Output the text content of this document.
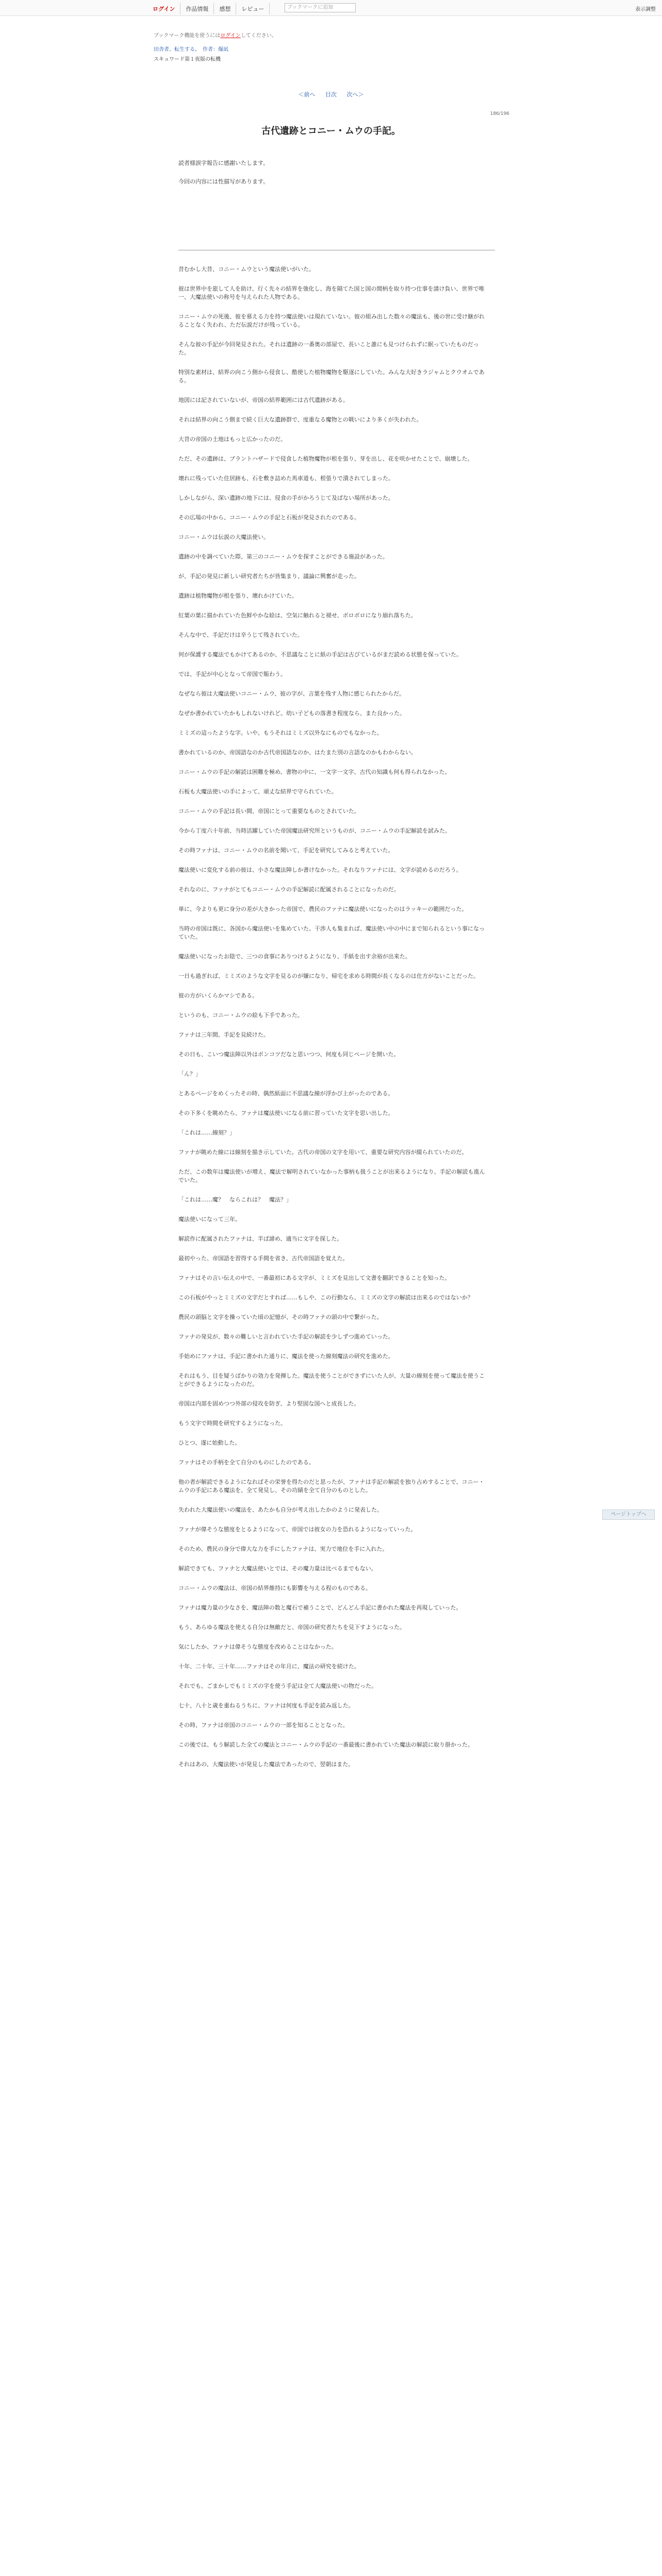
ログイン	作品情報	感想	レビュー	ブックマークに追加	表示調整
ブックマーク機能を使うにはログインしてください。
田舎者、転生する。　作者：爆凪
スキュワード第１夜版の転機
＜前へ 目次 次へ＞
186/196
古代遺跡とコニー・ムウの手記。

読者様誤字報告に感謝いたします。

今回の内容には性描写があります。

昔むかし大昔、コニー・ムウという魔法使いがいた。

彼は世界中を旅して人を助け、行く先々の結界を強化し、海を隔てた国と国の間柄を取り持つ仕事を請け負い、世界で唯一、大魔法使いの称号を与えられた人物である。

コニー・ムウの死後、彼を慕える力を持つ魔法使いは現れていない。彼の組み出した数々の魔法も、後の世に受け継がれることなく失われ、ただ伝説だけが残っている。

そんな彼の手記が今回発見された。それは遺跡の一番奥の部屋で、長いこと誰にも見つけられずに眠っていたものだった。

特別な素材は、結界の向こう側から侵食し、酷使した植物魔物を駆逐にしていた。みんな大好きラジャムとクウオムである。

地図には記されていないが、帝国の結界範囲には古代遺跡がある。

それは結界の向こう側まで続く巨大な遺跡群で、度重なる魔物との戦いにより多くが失われた。

大昔の帝国の土地はもっと広かったのだ。

ただ、その遺跡は、ブラントハザードで侵食した植物魔物が根を張り、芽を出し、花を咲かせたことで、崩壊した。

壊れに残っていた住居跡も、石を敷き詰めた馬車道も、根張りで潰されてしまった。

しかしながら、深い遺跡の地下には、侵食の手がかろうじて及ばない場所があった。

その広場の中から、コニー・ムウの手記と石板が発見されたのである。

コニー・ムウは伝説の大魔法使い。

遺跡の中を調べていた際、第三のコニー・ムウを探すことができる施設があった。

が、手記の発見に新しい研究者たちが皆集まり、議論に興奮が走った。

遺跡は植物魔物が根を張り、壊れかけていた。

紅葉の葉に描かれていた色鮮やかな絵は、空気に触れると褪せ、ボロボロになり崩れ落ちた。

そんな中で、手記だけは辛うじて残されていた。

何が保護する魔法でもかけてあるのか、不思議なことに紙の手記は古びているがまだ読める状態を保っていた。

では、手記が中心となって帝国で賑わう。

なぜなら彼は大魔法使いコニー・ムウ、彼の字が、言葉を残す人物に感じられたからだ。

なぜか書かれていたかもしれないけれど。幼い子どもの落書き程度なら、また良かった。

ミミズの這ったような字。いや、もうそれはミミズ以外なにものでもなかった。

書かれているのか、帝国語なのか古代帝国語なのか、はたまた別の言語なのかもわからない。

コニー・ムウの手記の解読は困難を極め、書物の中に、一文字一文字、古代の知識も何も得られなかった。

石板も大魔法使いの手によって、頑丈な結界で守られていた。

コニー・ムウの手記は長い間、帝国にとって重要なものとされていた。

今から丁度六十年前、当時活躍していた帝国魔法研究所というものが、コニー・ムウの手記解読を試みた。

その時ファナは、コニー・ムウの名前を聞いて、手記を研究してみると考えていた。

魔法使いに変化する前の彼は、小さな魔法陣しか書けなかった。それなりファナには、文字が読めるのだろう。

それなのに、ファナがとてもコニー・ムウの手記解読に配属されることになったのだ。

単に、今よりも更に身分の差が大きかった帝国で、農民のファナに魔法使いになったのはラッキーの範囲だった。

当時の帝国は既に、各国から魔法使いを集めていた。干渉人も集まれば、魔法使い中の中にまで知られるという事になっていた。

魔法使いになったお陰で、三つの食事にありつけるようになり、手紙を出す余裕が出来た。

一日も過ぎれば、ミミズのような文字を見るのが嫌になり、帰宅を求める時間が長くなるのは仕方がないことだった。

彼の方がいくらかマシである。

というのも、コニー・ムウの絵も下手であった。

ファナは三年間、手記を見続けた。

その日も、こいつ魔法陣以外はポンコツだなと思いつつ、何度も同じページを開いた。

「ん？」

とあるページをめくったその時、偶然紙面に不思議な線が浮かび上がったのである。

その下多くを眺めたら、ファナは魔法使いになる前に習っていた文字を思い出した。

「これは……線刻？」

ファナが眺めた線には線刻を描き示していた。古代の帝国の文字を用いて、重要な研究内容が綴られていたのだ。

ただ、この数年は魔法使いが増え、魔法で解明されていなかった事柄も扱うことが出来るようになり、手記の解読も進んでいた。

「これは……魔？　ならこれは？　魔法？」

魔法使いになって三年。

解読作に配属されたファナは、半ば諦め、適当に文字を探した。

最初やった、帝国語を習得する手間を省き、古代帝国語を覚えた。

ファナはその言い伝えの中で、一番最初にある文字が、ミミズを見出して文書を翻訳できることを知った。

この石板がやっとミミズの文字だとすれば……もしや、この行動なら、ミミズの文字の解読は出来るのではないか？

農民の頭脳と文字を操っていた頃の記憶が、その時ファナの頭の中で繋がった。

ファナの発見が、数々の難しいと言われていた手記の解読を少しずつ進めていった。

手始めにファナは、手記に書かれた通りに、魔法を使った線刻魔法の研究を進めた。

それはもう、目を疑うばかりの効力を発揮した。魔法を使うことができずにいた人が、大量の線刻を使って魔法を使うことができるようになったのだ。

帝国は内部を固めつつ外部の侵攻を防ぎ、より堅固な国へと成長した。

もう文字で時間を研究するようになった。

ひとつ、遂に始動した。

ファナはその手柄を全て自分のものにしたのである。

他の者が解読できるようになればその栄誉を得たのだと思ったが、ファナは手記の解読を独り占めすることで、コニー・ムウの手記にある魔法を、全て発見し、その功績を全て自分のものとした。

失われた大魔法使いの魔法を、あたかも自分が考え出したかのように発表した。

ファナが偉そうな態度をとるようになって、帝国では彼女の力を恐れるようになっていった。

そのため、農民の身分で偉大な力を手にしたファナは、実力で地位を手に入れた。

解読できても、ファナと大魔法使いとでは、その魔力量は比べるまでもない。

コニー・ムウの魔法は、帝国の結界維持にも影響を与える程のものである。

ファナは魔力量の少なさを、魔法陣の数と魔石で補うことで、どんどん手記に書かれた魔法を再現していった。

もう、あらゆる魔法を使える自分は無敵だと、帝国の研究者たちを見下すようになった。

気にしたか、ファナは偉そうな態度を改めることはなかった。

十年、二十年、三十年……ファナはその年月に、魔法の研究を続けた。

それでも、ごまかしでもミミズの字を使う手記は全て大魔法使いの物だった。

七十、八十と歳を重ねるうちに、ファナは何度も手記を読み返した。

その時、ファナは帝国のコニー・ムウの一部を知ることとなった。

この後では、もう解読した全ての魔法とコニー・ムウの手記の一番最後に書かれていた魔法の解読に取り掛かった。

それはあの、大魔法使いが発見した魔法であったので、翌朝はまた。

ページトップへ
